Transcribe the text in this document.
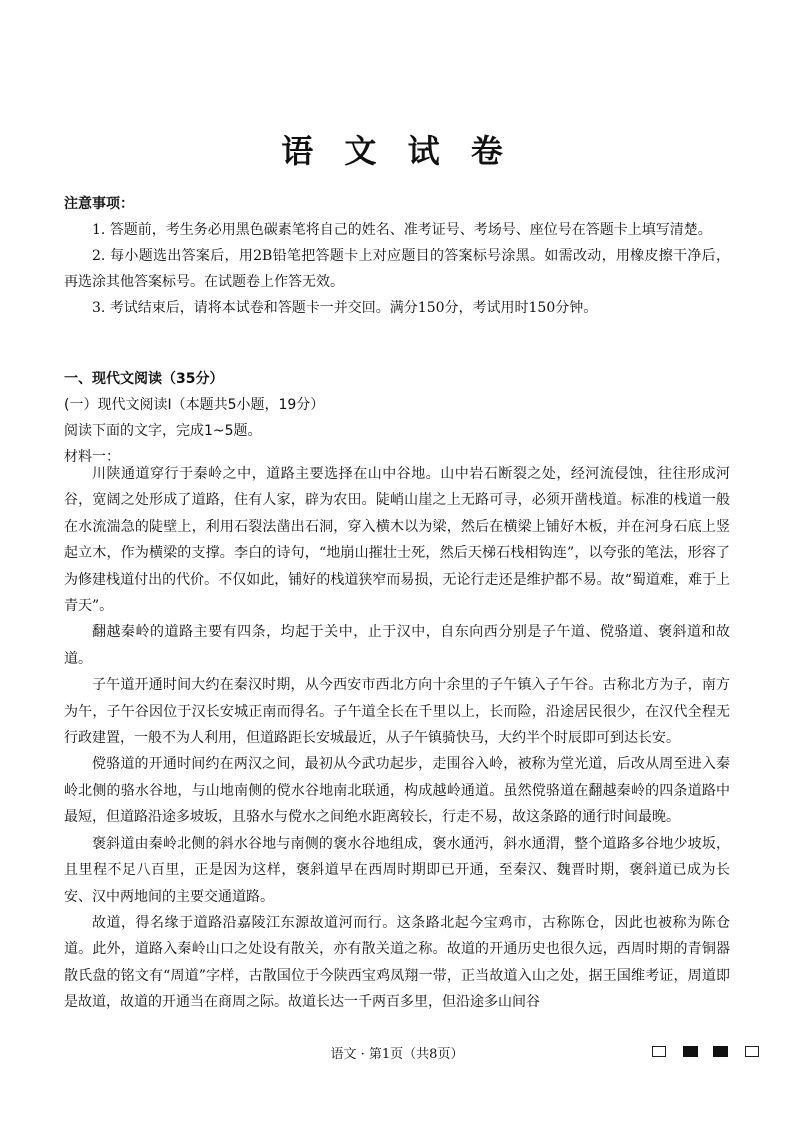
语 文 试 卷
注意事项：

1. 答题前，考生务必用黑色碳素笔将自己的姓名、准考证号、考场号、座位号在答题卡上填写清楚。

2. 每小题选出答案后，用2B铅笔把答题卡上对应题目的答案标号涂黑。如需改动，用橡皮擦干净后，再选涂其他答案标号。在试题卷上作答无效。

3. 考试结束后，请将本试卷和答题卡一并交回。满分150分，考试用时150分钟。

一、现代文阅读（35分）

(一）现代文阅读Ⅰ（本题共5小题，19分）

阅读下面的文字，完成1~5题。

材料一：

川陕通道穿行于秦岭之中，道路主要选择在山中谷地。山中岩石断裂之处，经河流侵蚀，往往形成河谷，宽阔之处形成了道路，住有人家，辟为农田。陡峭山崖之上无路可寻，必须开凿栈道。标准的栈道一般在水流湍急的陡壁上，利用石裂法凿出石洞，穿入横木以为梁，然后在横梁上铺好木板，并在河身石底上竖起立木，作为横梁的支撑。李白的诗句，“地崩山摧壮士死，然后天梯石栈相钩连”，以夸张的笔法，形容了为修建栈道付出的代价。不仅如此，铺好的栈道狭窄而易损，无论行走还是维护都不易。故“蜀道难，难于上青天”。

翻越秦岭的道路主要有四条，均起于关中，止于汉中，自东向西分别是子午道、傥骆道、褒斜道和故道。

子午道开通时间大约在秦汉时期，从今西安市西北方向十余里的子午镇入子午谷。古称北方为子，南方为午，子午谷因位于汉长安城正南而得名。子午道全长在千里以上，长而险，沿途居民很少，在汉代全程无行政建置，一般不为人利用，但道路距长安城最近，从子午镇骑快马，大约半个时辰即可到达长安。

傥骆道的开通时间约在两汉之间，最初从今武功起步，走围谷入岭，被称为堂光道，后改从周至进入秦岭北侧的骆水谷地，与山地南侧的傥水谷地南北联通，构成越岭通道。虽然傥骆道在翻越秦岭的四条道路中最短，但道路沿途多坡坂，且骆水与傥水之间绝水距离较长，行走不易，故这条路的通行时间最晚。

褒斜道由秦岭北侧的斜水谷地与南侧的褒水谷地组成，褒水通沔，斜水通渭，整个道路多谷地少坡坂，且里程不足八百里，正是因为这样，褒斜道早在西周时期即已开通，至秦汉、魏晋时期，褒斜道已成为长安、汉中两地间的主要交通道路。

故道，得名缘于道路沿嘉陵江东源故道河而行。这条路北起今宝鸡市，古称陈仓，因此也被称为陈仓道。此外，道路入秦岭山口之处设有散关，亦有散关道之称。故道的开通历史也很久远，西周时期的青铜器散氏盘的铭文有“周道”字样，古散国位于今陕西宝鸡凤翔一带，正当故道入山之处，据王国维考证，周道即是故道，故道的开通当在商周之际。故道长达一千两百多里，但沿途多山间谷

语文 · 第1页（共8页）
